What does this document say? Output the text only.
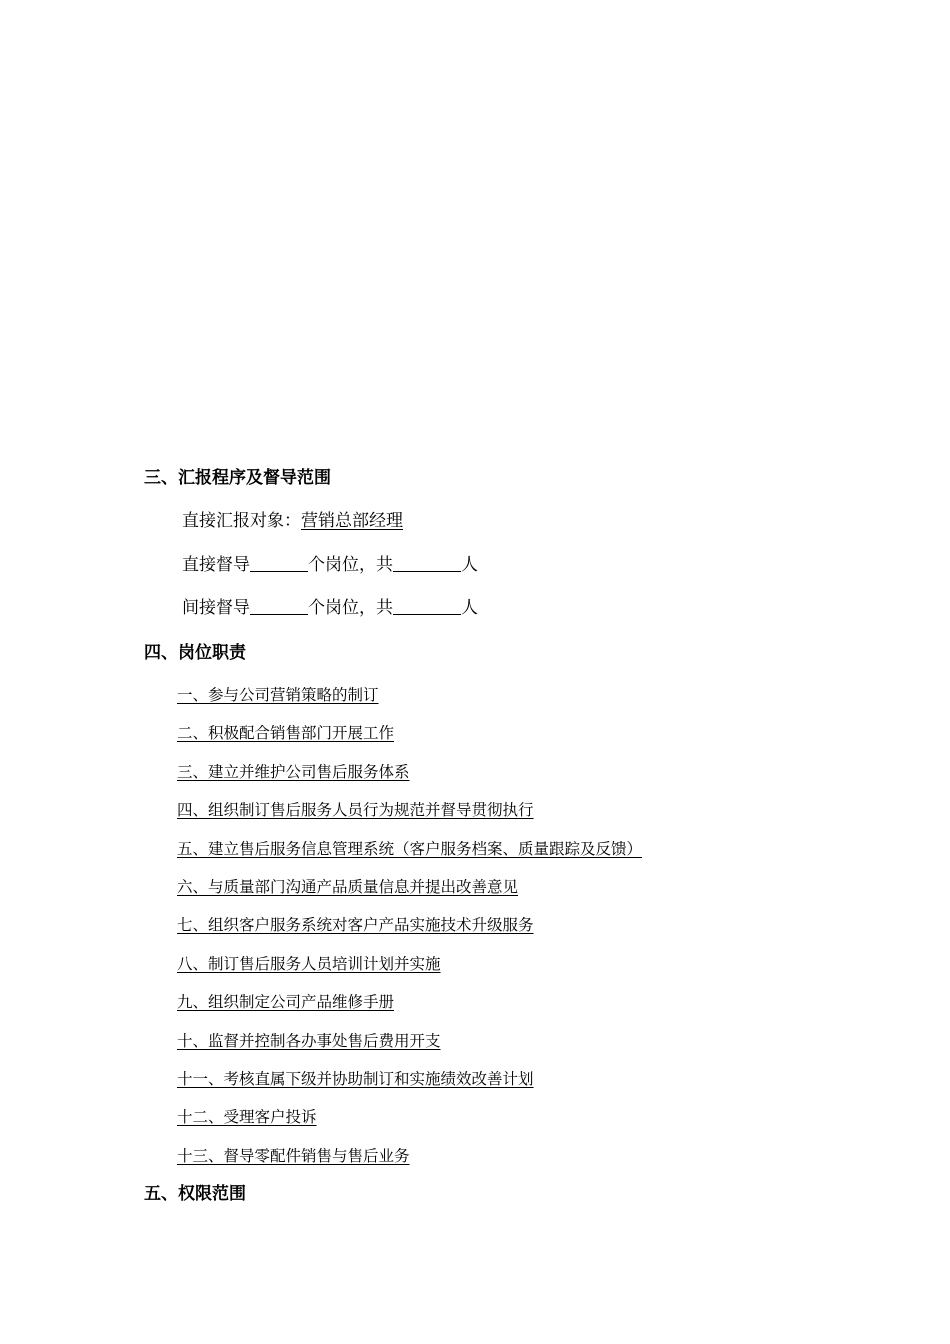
三、汇报程序及督导范围
直接汇报对象：营销总部经理
直接督导	个岗位，共	人
间接督导	个岗位，共	人
四、岗位职责
一、参与公司营销策略的制订
二、积极配合销售部门开展工作
三、建立并维护公司售后服务体系
四、组织制订售后服务人员行为规范并督导贯彻执行
五、建立售后服务信息管理系统（客户服务档案、质量跟踪及反馈）
六、与质量部门沟通产品质量信息并提出改善意见
七、组织客户服务系统对客户产品实施技术升级服务
八、制订售后服务人员培训计划并实施
九、组织制定公司产品维修手册
十、监督并控制各办事处售后费用开支
十一、考核直属下级并协助制订和实施绩效改善计划
十二、受理客户投诉
十三、督导零配件销售与售后业务
五、权限范围
